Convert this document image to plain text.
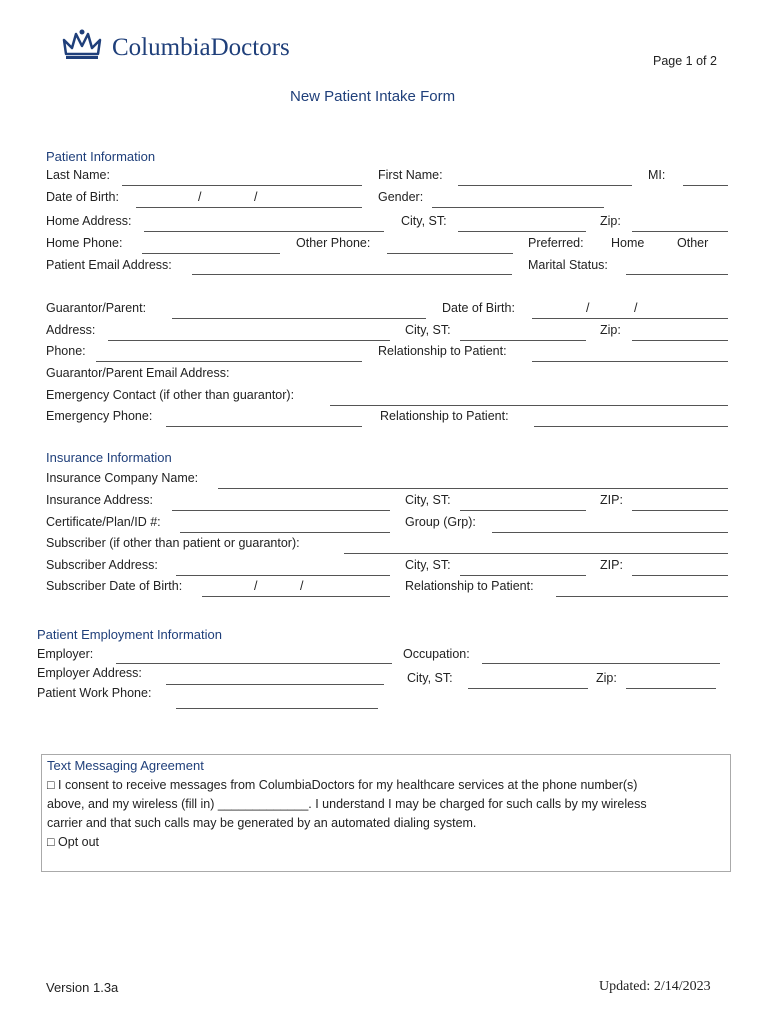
ColumbiaDoctors	Page 1 of 2
New Patient Intake Form
Patient Information
Last Name:	First Name:	MI:
Date of Birth:	/	/	Gender:
Home Address:	City, ST:	Zip:
Home Phone:	Other Phone:	Preferred: Home	Other
Patient Email Address:	Marital Status:
Guarantor/Parent:	Date of Birth:	/	/
Address:	City, ST:	Zip:
Phone:	Relationship to Patient:
Guarantor/Parent Email Address:
Emergency Contact (if other than guarantor):
Emergency Phone:	Relationship to Patient:
Insurance Information
Insurance Company Name:
Insurance Address:	City, ST:	ZIP:
Certificate/Plan/ID #:	Group (Grp):
Subscriber (if other than patient or guarantor):
Subscriber Address:	City, ST:	ZIP:
Subscriber Date of Birth:	/	/	Relationship to Patient:
Patient Employment Information
Employer:	Occupation:
Employer Address:	City, ST:	Zip:
Patient Work Phone:
Text Messaging Agreement
□ I consent to receive messages from ColumbiaDoctors for my healthcare services at the phone number(s)
above, and my wireless (fill in) _____________. I understand I may be charged for such calls by my wireless
carrier and that such calls may be generated by an automated dialing system.
□ Opt out
Version 1.3a	Updated: 2/14/2023
